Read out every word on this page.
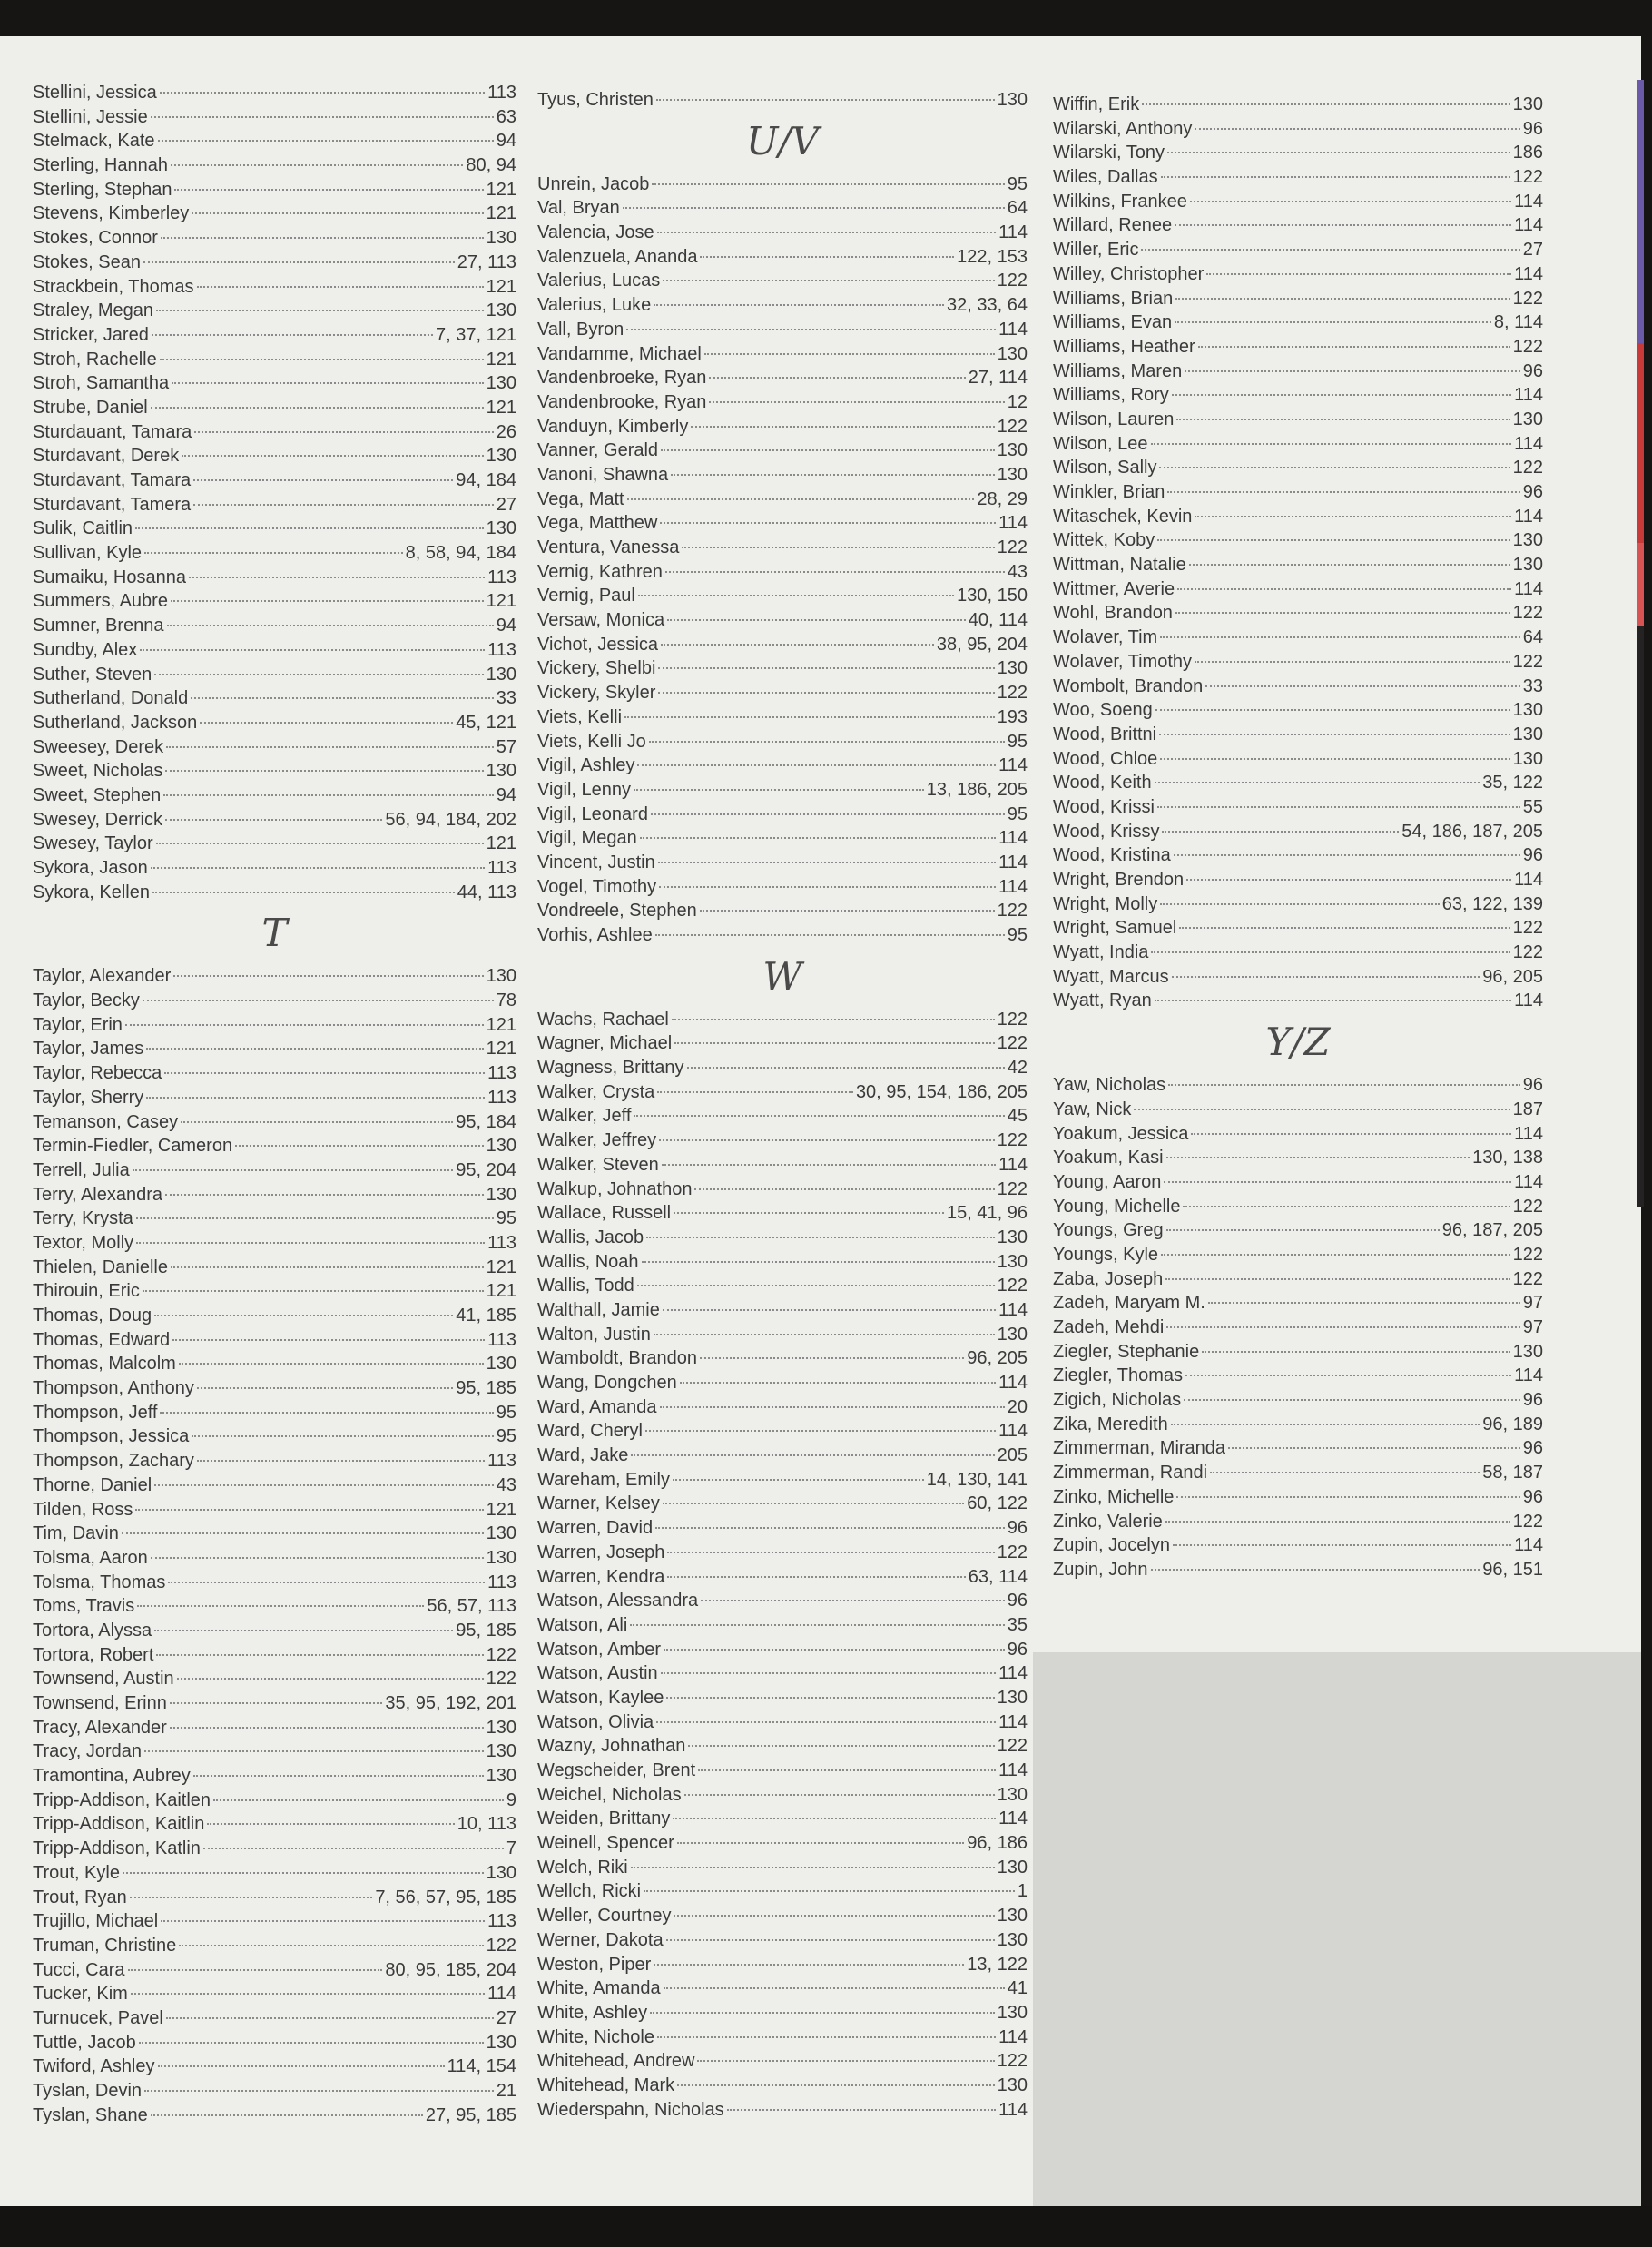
Stellini, Jessica	113
Stellini, Jessie	63
Stelmack, Kate	94
Sterling, Hannah	80, 94
Sterling, Stephan	121
Stevens, Kimberley	121
Stokes, Connor	130
Stokes, Sean	27, 113
Strackbein, Thomas	121
Straley, Megan	130
Stricker, Jared	7, 37, 121
Stroh, Rachelle	121
Stroh, Samantha	130
Strube, Daniel	121
Sturdauant, Tamara	26
Sturdavant, Derek	130
Sturdavant, Tamara	94, 184
Sturdavant, Tamera	27
Sulik, Caitlin	130
Sullivan, Kyle	8, 58, 94, 184
Sumaiku, Hosanna	113
Summers, Aubre	121
Sumner, Brenna	94
Sundby, Alex	113
Suther, Steven	130
Sutherland, Donald	33
Sutherland, Jackson	45, 121
Sweesey, Derek	57
Sweet, Nicholas	130
Sweet, Stephen	94
Swesey, Derrick	56, 94, 184, 202
Swesey, Taylor	121
Sykora, Jason	113
Sykora, Kellen	44, 113
T
Taylor, Alexander	130
Taylor, Becky	78
Taylor, Erin	121
Taylor, James	121
Taylor, Rebecca	113
Taylor, Sherry	113
Temanson, Casey	95, 184
Termin-Fiedler, Cameron	130
Terrell, Julia	95, 204
Terry, Alexandra	130
Terry, Krysta	95
Textor, Molly	113
Thielen, Danielle	121
Thirouin, Eric	121
Thomas, Doug	41, 185
Thomas, Edward	113
Thomas, Malcolm	130
Thompson, Anthony	95, 185
Thompson, Jeff	95
Thompson, Jessica	95
Thompson, Zachary	113
Thorne, Daniel	43
Tilden, Ross	121
Tim, Davin	130
Tolsma, Aaron	130
Tolsma, Thomas	113
Toms, Travis	56, 57, 113
Tortora, Alyssa	95, 185
Tortora, Robert	122
Townsend, Austin	122
Townsend, Erinn	35, 95, 192, 201
Tracy, Alexander	130
Tracy, Jordan	130
Tramontina, Aubrey	130
Tripp-Addison, Kaitlen	9
Tripp-Addison, Kaitlin	10, 113
Tripp-Addison, Katlin	7
Trout, Kyle	130
Trout, Ryan	7, 56, 57, 95, 185
Trujillo, Michael	113
Truman, Christine	122
Tucci, Cara	80, 95, 185, 204
Tucker, Kim	114
Turnucek, Pavel	27
Tuttle, Jacob	130
Twiford, Ashley	114, 154
Tyslan, Devin	21
Tyslan, Shane	27, 95, 185
Tyus, Christen	130
U/V
Unrein, Jacob	95
Val, Bryan	64
Valencia, Jose	114
Valenzuela, Ananda	122, 153
Valerius, Lucas	122
Valerius, Luke	32, 33, 64
Vall, Byron	114
Vandamme, Michael	130
Vandenbroeke, Ryan	27, 114
Vandenbrooke, Ryan	12
Vanduyn, Kimberly	122
Vanner, Gerald	130
Vanoni, Shawna	130
Vega, Matt	28, 29
Vega, Matthew	114
Ventura, Vanessa	122
Vernig, Kathren	43
Vernig, Paul	130, 150
Versaw, Monica	40, 114
Vichot, Jessica	38, 95, 204
Vickery, Shelbi	130
Vickery, Skyler	122
Viets, Kelli	193
Viets, Kelli Jo	95
Vigil, Ashley	114
Vigil, Lenny	13, 186, 205
Vigil, Leonard	95
Vigil, Megan	114
Vincent, Justin	114
Vogel, Timothy	114
Vondreele, Stephen	122
Vorhis, Ashlee	95
W
Wachs, Rachael	122
Wagner, Michael	122
Wagness, Brittany	42
Walker, Crysta	30, 95, 154, 186, 205
Walker, Jeff	45
Walker, Jeffrey	122
Walker, Steven	114
Walkup, Johnathon	122
Wallace, Russell	15, 41, 96
Wallis, Jacob	130
Wallis, Noah	130
Wallis, Todd	122
Walthall, Jamie	114
Walton, Justin	130
Wamboldt, Brandon	96, 205
Wang, Dongchen	114
Ward, Amanda	20
Ward, Cheryl	114
Ward, Jake	205
Wareham, Emily	14, 130, 141
Warner, Kelsey	60, 122
Warren, David	96
Warren, Joseph	122
Warren, Kendra	63, 114
Watson, Alessandra	96
Watson, Ali	35
Watson, Amber	96
Watson, Austin	114
Watson, Kaylee	130
Watson, Olivia	114
Wazny, Johnathan	122
Wegscheider, Brent	114
Weichel, Nicholas	130
Weiden, Brittany	114
Weinell, Spencer	96, 186
Welch, Riki	130
Wellch, Ricki	1
Weller, Courtney	130
Werner, Dakota	130
Weston, Piper	13, 122
White, Amanda	41
White, Ashley	130
White, Nichole	114
Whitehead, Andrew	122
Whitehead, Mark	130
Wiederspahn, Nicholas	114
Wiffin, Erik	130
Wilarski, Anthony	96
Wilarski, Tony	186
Wiles, Dallas	122
Wilkins, Frankee	114
Willard, Renee	114
Willer, Eric	27
Willey, Christopher	114
Williams, Brian	122
Williams, Evan	8, 114
Williams, Heather	122
Williams, Maren	96
Williams, Rory	114
Wilson, Lauren	130
Wilson, Lee	114
Wilson, Sally	122
Winkler, Brian	96
Witaschek, Kevin	114
Wittek, Koby	130
Wittman, Natalie	130
Wittmer, Averie	114
Wohl, Brandon	122
Wolaver, Tim	64
Wolaver, Timothy	122
Wombolt, Brandon	33
Woo, Soeng	130
Wood, Brittni	130
Wood, Chloe	130
Wood, Keith	35, 122
Wood, Krissi	55
Wood, Krissy	54, 186, 187, 205
Wood, Kristina	96
Wright, Brendon	114
Wright, Molly	63, 122, 139
Wright, Samuel	122
Wyatt, India	122
Wyatt, Marcus	96, 205
Wyatt, Ryan	114
Y/Z
Yaw, Nicholas	96
Yaw, Nick	187
Yoakum, Jessica	114
Yoakum, Kasi	130, 138
Young, Aaron	114
Young, Michelle	122
Youngs, Greg	96, 187, 205
Youngs, Kyle	122
Zaba, Joseph	122
Zadeh, Maryam M.	97
Zadeh, Mehdi	97
Ziegler, Stephanie	130
Ziegler, Thomas	114
Zigich, Nicholas	96
Zika, Meredith	96, 189
Zimmerman, Miranda	96
Zimmerman, Randi	58, 187
Zinko, Michelle	96
Zinko, Valerie	122
Zupin, Jocelyn	114
Zupin, John	96, 151
